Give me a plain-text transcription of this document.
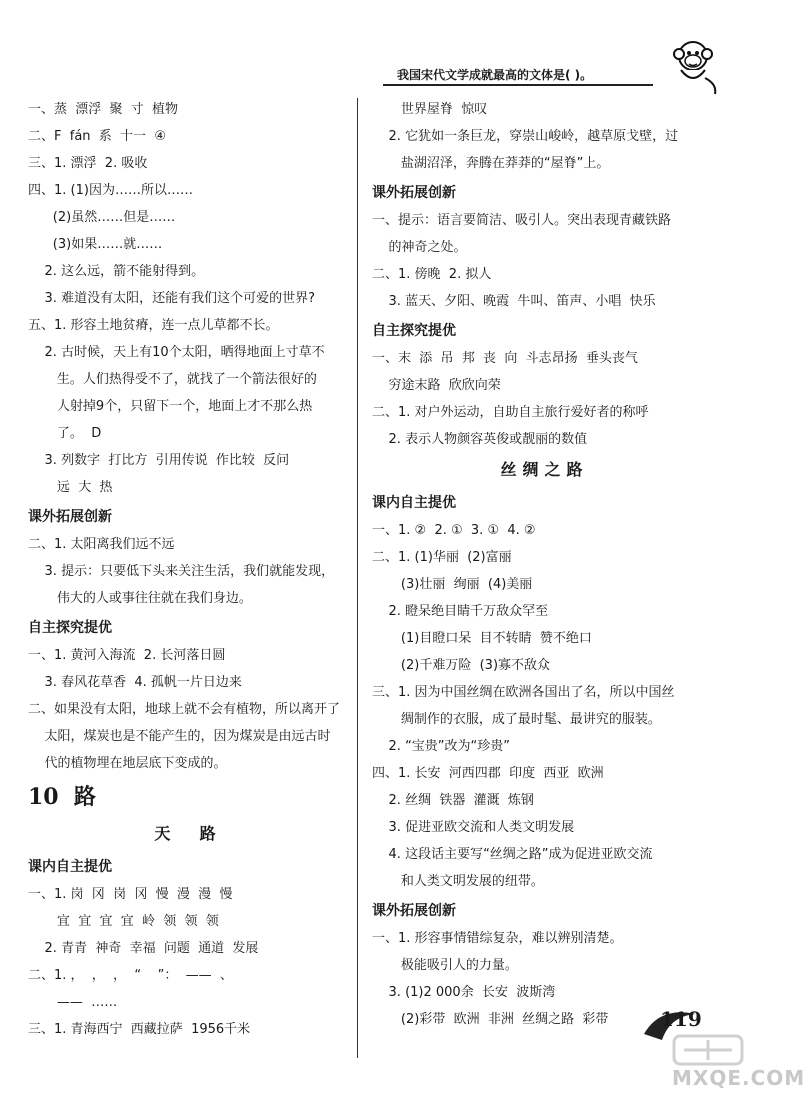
我国宋代文学成就最高的文体是( )。
一、蒸  漂浮  聚  寸  植物
二、F  fán  系  十一  ④
三、1. 漂浮  2. 吸收
四、1. (1)因为……所以……
(2)虽然……但是……
(3)如果……就……
2. 这么远，箭不能射得到。
3. 难道没有太阳，还能有我们这个可爱的世界?
五、1. 形容土地贫瘠，连一点儿草都不长。
2. 古时候，天上有10个太阳，晒得地面上寸草不
生。人们热得受不了，就找了一个箭法很好的
人射掉9个，只留下一个，地面上才不那么热
了。  D
3. 列数字  打比方  引用传说  作比较  反问
远  大  热
课外拓展创新
二、1. 太阳离我们远不远
3. 提示：只要低下头来关注生活，我们就能发现，
伟大的人或事往往就在我们身边。
自主探究提优
一、1. 黄河入海流  2. 长河落日圆
3. 春风花草香  4. 孤帆一片日边来
二、如果没有太阳，地球上就不会有植物，所以离开了
太阳，煤炭也是不能产生的，因为煤炭是由远古时
代的植物埋在地层底下变成的。
10  路
天  路
课内自主提优
一、1. 岗  冈  岗  冈  慢  漫  漫  慢
宜  宜  宜  宜  岭  领  领  领
2. 青青  神奇  幸福  问题  通道  发展
二、1. ，  ，  ，  “    ”：  ——  、
——  ……
三、1. 青海西宁  西藏拉萨  1956千米
世界屋脊  惊叹
2. 它犹如一条巨龙，穿崇山峻岭，越草原戈壁，过
盐湖沼泽，奔腾在莽莽的“屋脊”上。
课外拓展创新
一、提示：语言要简洁、吸引人。突出表现青藏铁路
的神奇之处。
二、1. 傍晚  2. 拟人
3. 蓝天、夕阳、晚霞  牛叫、笛声、小唱  快乐
自主探究提优
一、末  添  吊  邦  丧  向  斗志昂扬  垂头丧气
穷途末路  欣欣向荣
二、1. 对户外运动，自助自主旅行爱好者的称呼
2. 表示人物颜容英俊或靓丽的数值
丝绸之路
课内自主提优
一、1. ②  2. ①  3. ①  4. ②
二、1. (1)华丽  (2)富丽
(3)壮丽  绚丽  (4)美丽
2. 瞪呆绝目睛千万敌众罕至
(1)目瞪口呆  目不转睛  赞不绝口
(2)千难万险  (3)寡不敌众
三、1. 因为中国丝绸在欧洲各国出了名，所以中国丝
绸制作的衣服，成了最时髦、最讲究的服装。
2. “宝贵”改为“珍贵”
四、1. 长安  河西四郡  印度  西亚  欧洲
2. 丝绸  铁器  灌溉  炼钢
3. 促进亚欧交流和人类文明发展
4. 这段话主要写“丝绸之路”成为促进亚欧交流
和人类文明发展的纽带。
课外拓展创新
一、1. 形容事情错综复杂，难以辨别清楚。
极能吸引人的力量。
3. (1)2 000余  长安  波斯湾
(2)彩带  欧洲  非洲  丝绸之路  彩带	119
MXQE.COM
